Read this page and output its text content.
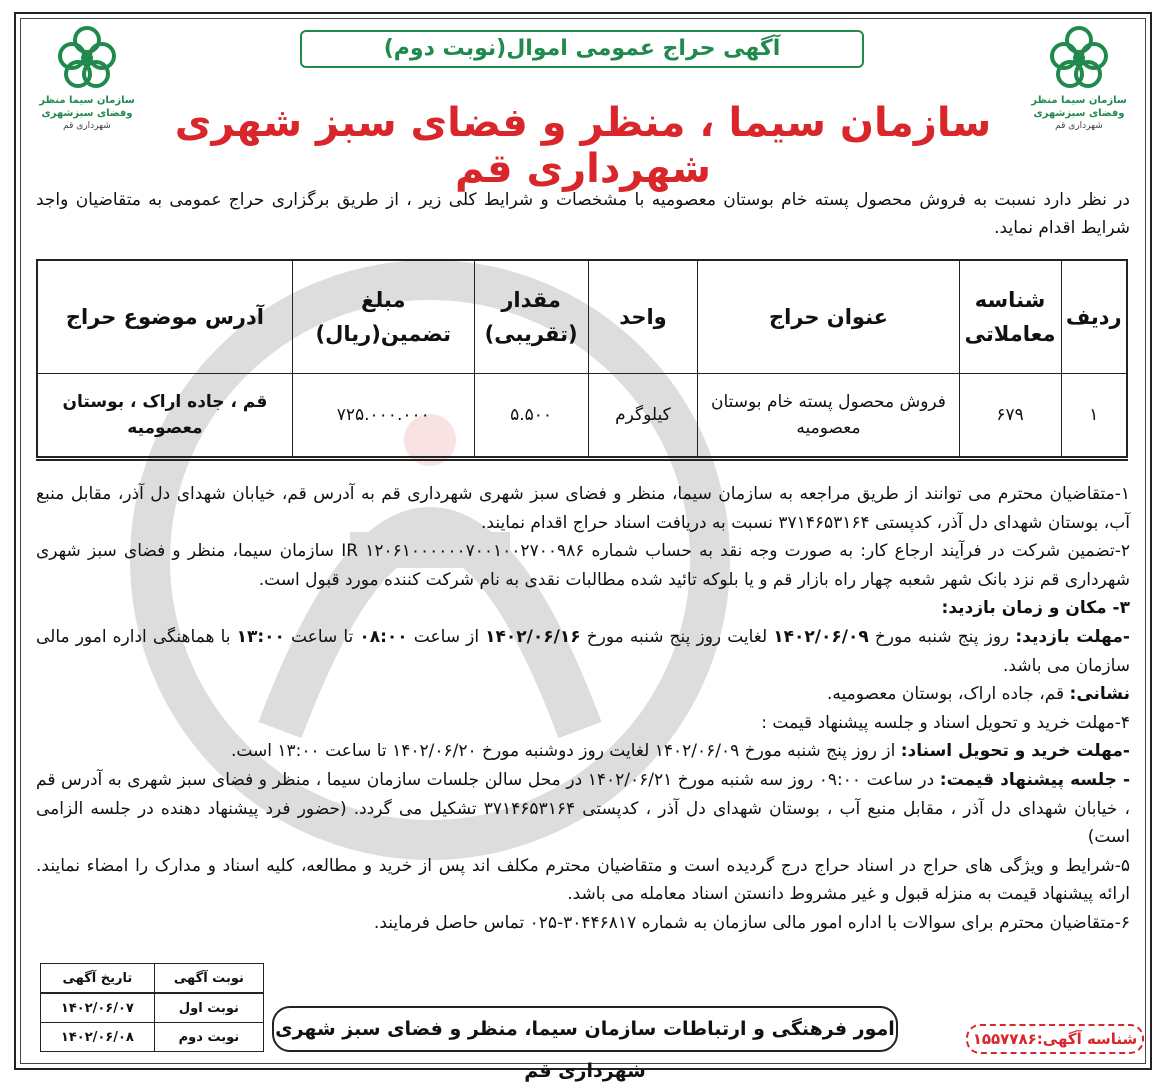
سازمان سیما منظر
وفضای سبزشهری
شهرداری قم
سازمان سیما منظر
وفضای سبزشهری
شهرداری قم
آگهی حراج عمومی اموال(نوبت دوم)
سازمان سیما ، منظر و فضای سبز شهری شهرداری قم
در نظر دارد نسبت به فروش محصول پسته خام بوستان معصومیه با مشخصات و شرایط کلی زیر ، از طریق برگزاری حراج عمومی به متقاضیان واجد شرایط اقدام نماید.
ردیف	شناسه معاملاتی	عنوان حراج	واحد	مقدار (تقریبی)	مبلغ تضمین(ریال)	آدرس موضوع حراج
۱	۶۷۹	فروش محصول پسته خام بوستان معصومیه	کیلوگرم	۵.۵۰۰	۷۲۵.۰۰۰.۰۰۰	قم ، جاده اراک ، بوستان معصومیه

۱-متقاضیان محترم می توانند از طریق مراجعه به سازمان سیما، منظر و فضای سبز شهری شهرداری قم به آدرس قم، خیابان شهدای دل آذر، مقابل منبع آب، بوستان شهدای دل آذر، کدپستی ۳۷۱۴۶۵۳۱۶۴ نسبت به دریافت اسناد حراج اقدام نمایند.

۲-تضمین شرکت در فرآیند ارجاع کار: به صورت وجه نقد به حساب شماره IR ۱۲۰۶۱۰۰۰۰۰۰۷۰۰۱۰۰۲۷۰۰۹۸۶ سازمان سیما، منظر و فضای سبز شهری شهرداری قم نزد بانک شهر شعبه چهار راه بازار قم و یا بلوکه تائید شده مطالبات نقدی به نام شرکت کننده مورد قبول است.

۳- مکان و زمان بازدید:

-مهلت بازدید: روز پنج شنبه مورخ ۱۴۰۲/۰۶/۰۹ لغایت روز پنج شنبه مورخ ۱۴۰۲/۰۶/۱۶ از ساعت ۰۸:۰۰ تا ساعت ۱۳:۰۰ با هماهنگی اداره امور مالی سازمان می باشد.

نشانی: قم، جاده اراک، بوستان معصومیه.

۴-مهلت خرید و تحویل اسناد و جلسه پیشنهاد قیمت :

-مهلت خرید و تحویل اسناد: از روز پنج شنبه مورخ ۱۴۰۲/۰۶/۰۹ لغایت روز دوشنبه مورخ ۱۴۰۲/۰۶/۲۰ تا ساعت ۱۳:۰۰ است.

- جلسه پیشنهاد قیمت: در ساعت ۰۹:۰۰ روز سه شنبه مورخ ۱۴۰۲/۰۶/۲۱ در محل سالن جلسات سازمان سیما ، منظر و فضای سبز شهری به آدرس قم ، خیابان شهدای دل آذر ، مقابل منبع آب ، بوستان شهدای دل آذر ، کدپستی ۳۷۱۴۶۵۳۱۶۴ تشکیل می گردد. (حضور فرد پیشنهاد دهنده در جلسه الزامی است)

۵-شرایط و ویژگی های حراج در اسناد حراج درج گردیده است و متقاضیان محترم مکلف اند پس از خرید و مطالعه، کلیه اسناد و مدارک را امضاء نمایند. ارائه پیشنهاد قیمت به منزله قبول و غیر مشروط دانستن اسناد معامله می باشد.

۶-متقاضیان محترم برای سوالات با اداره امور مالی سازمان به شماره ۳۰۴۴۶۸۱۷-۰۲۵ تماس حاصل فرمایند.

نوبت آگهی	تاریخ آگهی
نوبت اول	۱۴۰۲/۰۶/۰۷
نوبت دوم	۱۴۰۲/۰۶/۰۸	امور فرهنگی و ارتباطات سازمان سیما، منظر و فضای سبز شهری شهرداری قم
شناسه آگهی:۱۵۵۷۷۸۶
